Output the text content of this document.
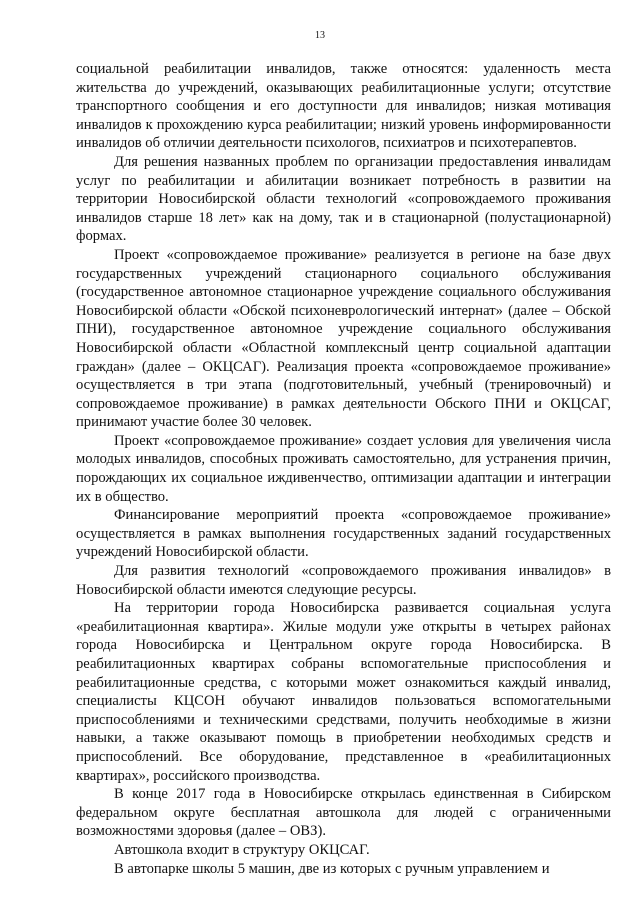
13

социальной реабилитации инвалидов, также относятся: удаленность места жительства до учреждений, оказывающих реабилитационные услуги; отсутствие транспортного сообщения и его доступности для инвалидов; низкая мотивация инвалидов к прохождению курса реабилитации; низкий уровень информированности инвалидов об отличии деятельности психологов, психиатров и психотерапевтов.

Для решения названных проблем по организации предоставления инвалидам услуг по реабилитации и абилитации возникает потребность в развитии на территории Новосибирской области технологий «сопровождаемого проживания инвалидов старше 18 лет» как на дому, так и в стационарной (полустационарной) формах.

Проект «сопровождаемое проживание» реализуется в регионе на базе двух государственных учреждений стационарного социального обслуживания (государственное автономное стационарное учреждение социального обслуживания Новосибирской области «Обской психоневрологический интернат» (далее – Обской ПНИ), государственное автономное учреждение социального обслуживания Новосибирской области «Областной комплексный центр социальной адаптации граждан» (далее – ОКЦСАГ). Реализация проекта «сопровождаемое проживание» осуществляется в три этапа (подготовительный, учебный (тренировочный) и сопровождаемое проживание) в рамках деятельности Обского ПНИ и ОКЦСАГ, принимают участие более 30 человек.

Проект «сопровождаемое проживание» создает условия для увеличения числа молодых инвалидов, способных проживать самостоятельно, для устранения причин, порождающих их социальное иждивенчество, оптимизации адаптации и интеграции их в общество.

Финансирование мероприятий проекта «сопровождаемое проживание» осуществляется в рамках выполнения государственных заданий государственных учреждений Новосибирской области.

Для развития технологий «сопровождаемого проживания инвалидов» в Новосибирской области имеются следующие ресурсы.

На территории города Новосибирска развивается социальная услуга «реабилитационная квартира». Жилые модули уже открыты в четырех районах города Новосибирска и Центральном округе города Новосибирска. В реабилитационных квартирах собраны вспомогательные приспособления и реабилитационные средства, с которыми может ознакомиться каждый инвалид, специалисты КЦСОН обучают инвалидов пользоваться вспомогательными приспособлениями и техническими средствами, получить необходимые в жизни навыки, а также оказывают помощь в приобретении необходимых средств и приспособлений. Все оборудование, представленное в «реабилитационных квартирах», российского производства.

В конце 2017 года в Новосибирске открылась единственная в Сибирском федеральном округе бесплатная автошкола для людей с ограниченными возможностями здоровья (далее – ОВЗ).

Автошкола входит в структуру ОКЦСАГ.

В автопарке школы 5 машин, две из которых с ручным управлением и
